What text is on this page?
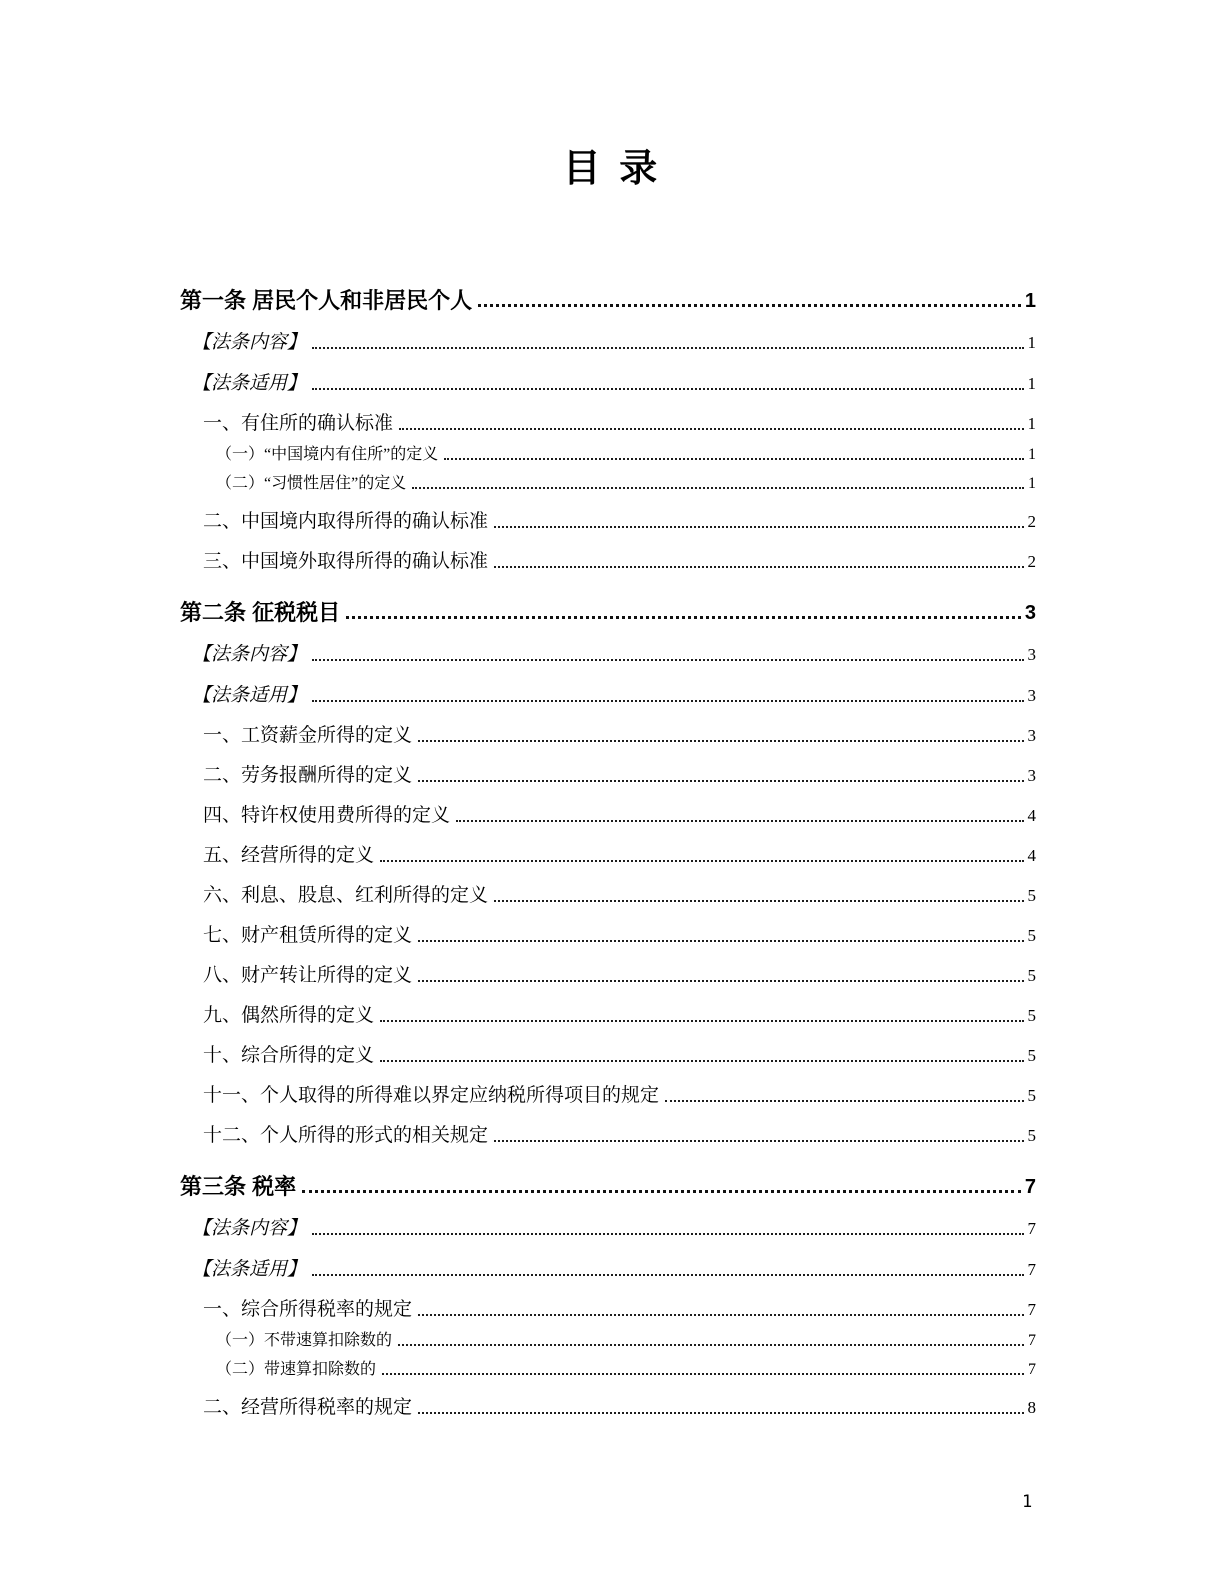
目 录
第一条 居民个人和非居民个人	1
【法条内容】	1
【法条适用】	1
一、有住所的确认标准	1
（一）“中国境内有住所”的定义	1
（二）“习惯性居住”的定义	1
二、中国境内取得所得的确认标准	2
三、中国境外取得所得的确认标准	2
第二条 征税税目	3
【法条内容】	3
【法条适用】	3
一、工资薪金所得的定义	3
二、劳务报酬所得的定义	3
四、特许权使用费所得的定义	4
五、经营所得的定义	4
六、利息、股息、红利所得的定义	5
七、财产租赁所得的定义	5
八、财产转让所得的定义	5
九、偶然所得的定义	5
十、综合所得的定义	5
十一、个人取得的所得难以界定应纳税所得项目的规定	5
十二、个人所得的形式的相关规定	5
第三条 税率	7
【法条内容】	7
【法条适用】	7
一、综合所得税率的规定	7
（一）不带速算扣除数的	7
（二）带速算扣除数的	7
二、经营所得税率的规定	8
1
